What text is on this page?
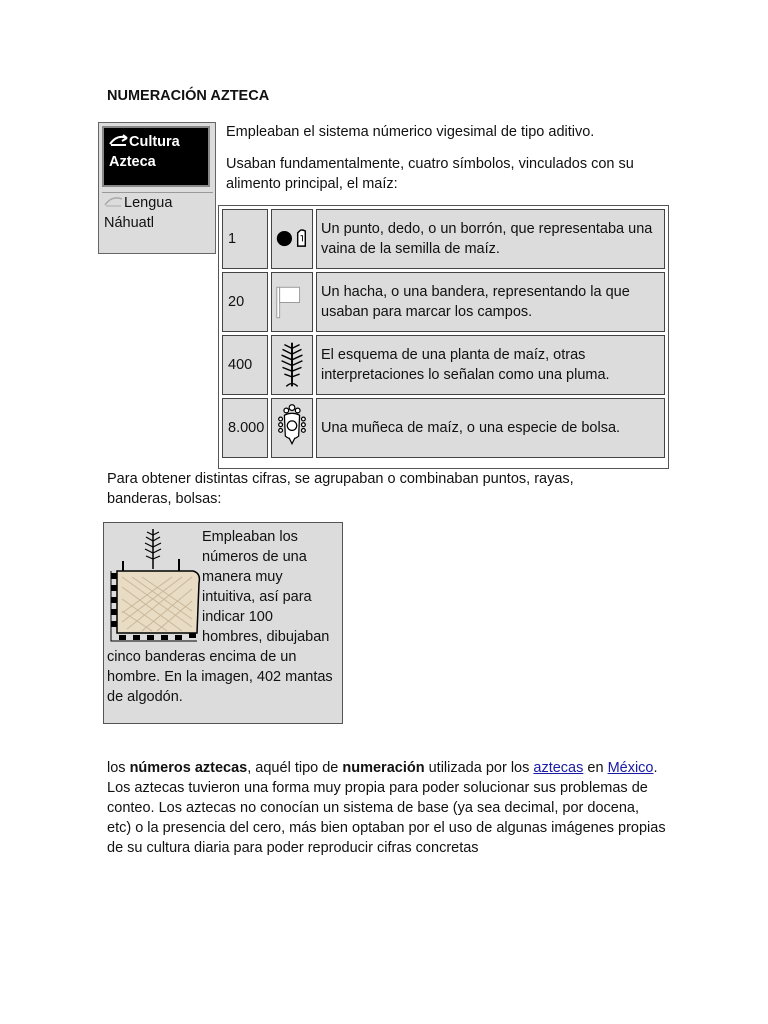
NUMERACIÓN AZTECA
Cultura Azteca
Lengua Náhuatl
Empleaban el sistema númerico vigesimal de tipo aditivo.
Usaban fundamentalmente, cuatro símbolos, vinculados con su alimento principal, el maíz:
1
Un punto, dedo, o un borrón, que representaba una vaina de la semilla de maíz.
20
Un hacha, o una bandera, representando la que usaban para marcar los campos.
400
El esquema de una planta de maíz, otras interpretaciones lo señalan como una pluma.
8.000	Una muñeca de maíz, o una especie de bolsa.
Para obtener distintas cifras, se agrupaban o combinaban puntos, rayas, banderas, bolsas:
Empleaban los números de una manera muy intuitiva, así para indicar 100 hombres, dibujaban cinco banderas encima de un hombre. En la imagen, 402 mantas de algodón.
los números aztecas, aquél tipo de numeración utilizada por los aztecas en México. Los aztecas tuvieron una forma muy propia para poder solucionar sus problemas de conteo. Los aztecas no conocían un sistema de base (ya sea decimal, por docena, etc) o la presencia del cero, más bien optaban por el uso de algunas imágenes propias de su cultura diaria para poder reproducir cifras concretas
